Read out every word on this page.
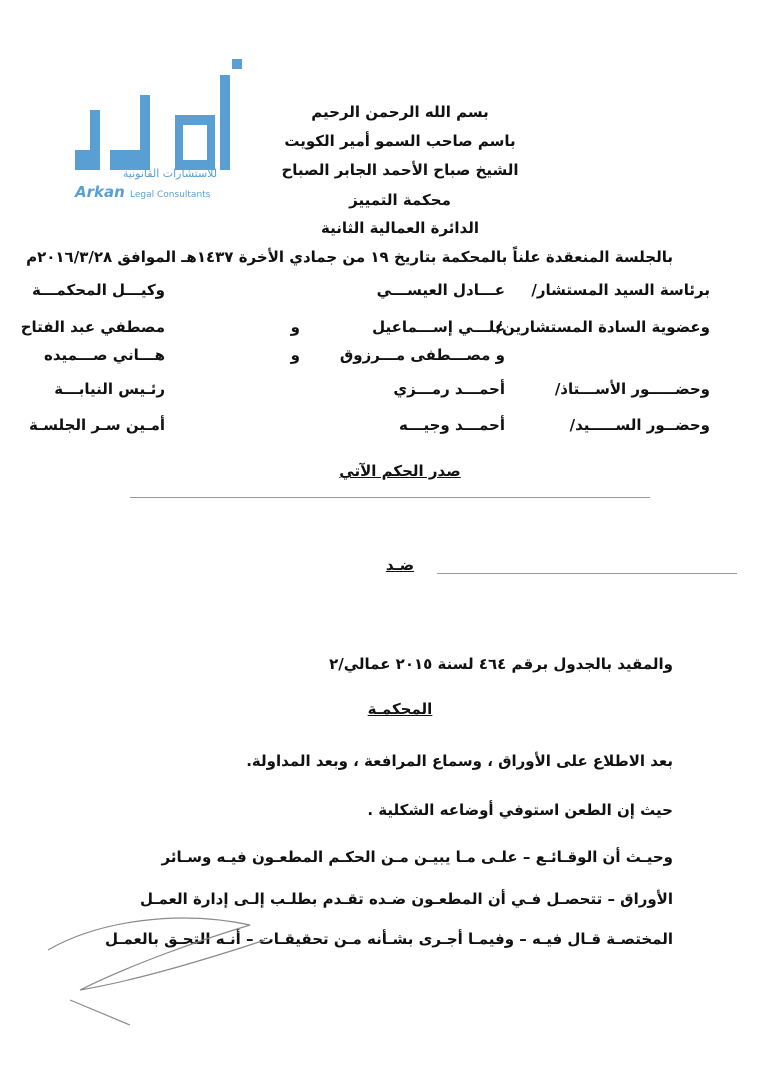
للاستشارات القانونية
Arkan Legal Consultants
بسم الله الرحمن الرحيم
باسم صاحب السمو أمير الكويت
الشيخ صباح الأحمد الجابر الصباح
محكمة التمييز
الدائرة العمالية الثانية
بالجلسة المنعقدة علناً بالمحكمة بتاريخ ١٩ من جمادي الأخرة ١٤٣٧هـ الموافق ٢٠١٦/٣/٢٨م
برئاسة السيد المستشار/
عـــادل العيســـي
وكيـــل المحكمـــة
وعضوية السادة المستشارين/
علـــي إســـماعيل
و
مصطفي عبد الفتاح
و مصـــطفى مـــرزوق
و
هـــاني صـــميده
وحضـــــور الأســـتاذ/
أحمـــد رمـــزي
رئـيس النيابـــة
وحضــور الســـــيد/
أحمـــد وجيـــه
أمـين سـر الجلسـة
صدر الحكم الآتي
ضـد
والمقيد بالجدول برقم ٤٦٤ لسنة ٢٠١٥ عمالي/٢
المحكمـة
بعد الاطلاع على الأوراق ، وسماع المرافعة ، وبعد المداولة.
حيث إن الطعن استوفي أوضاعه الشكلية .
وحيـث أن الوقـائـع – علـى مـا يبيـن مـن الحكـم المطعـون فيـه وسـائر
الأوراق – تتحصـل فـي أن المطعـون ضـده تقـدم بطلـب إلـى إدارة العمـل
المختصـة قـال فيـه – وفيمـا أجـرى بشـأنه مـن تحقيقـات – أنـه التحـق بالعمـل
